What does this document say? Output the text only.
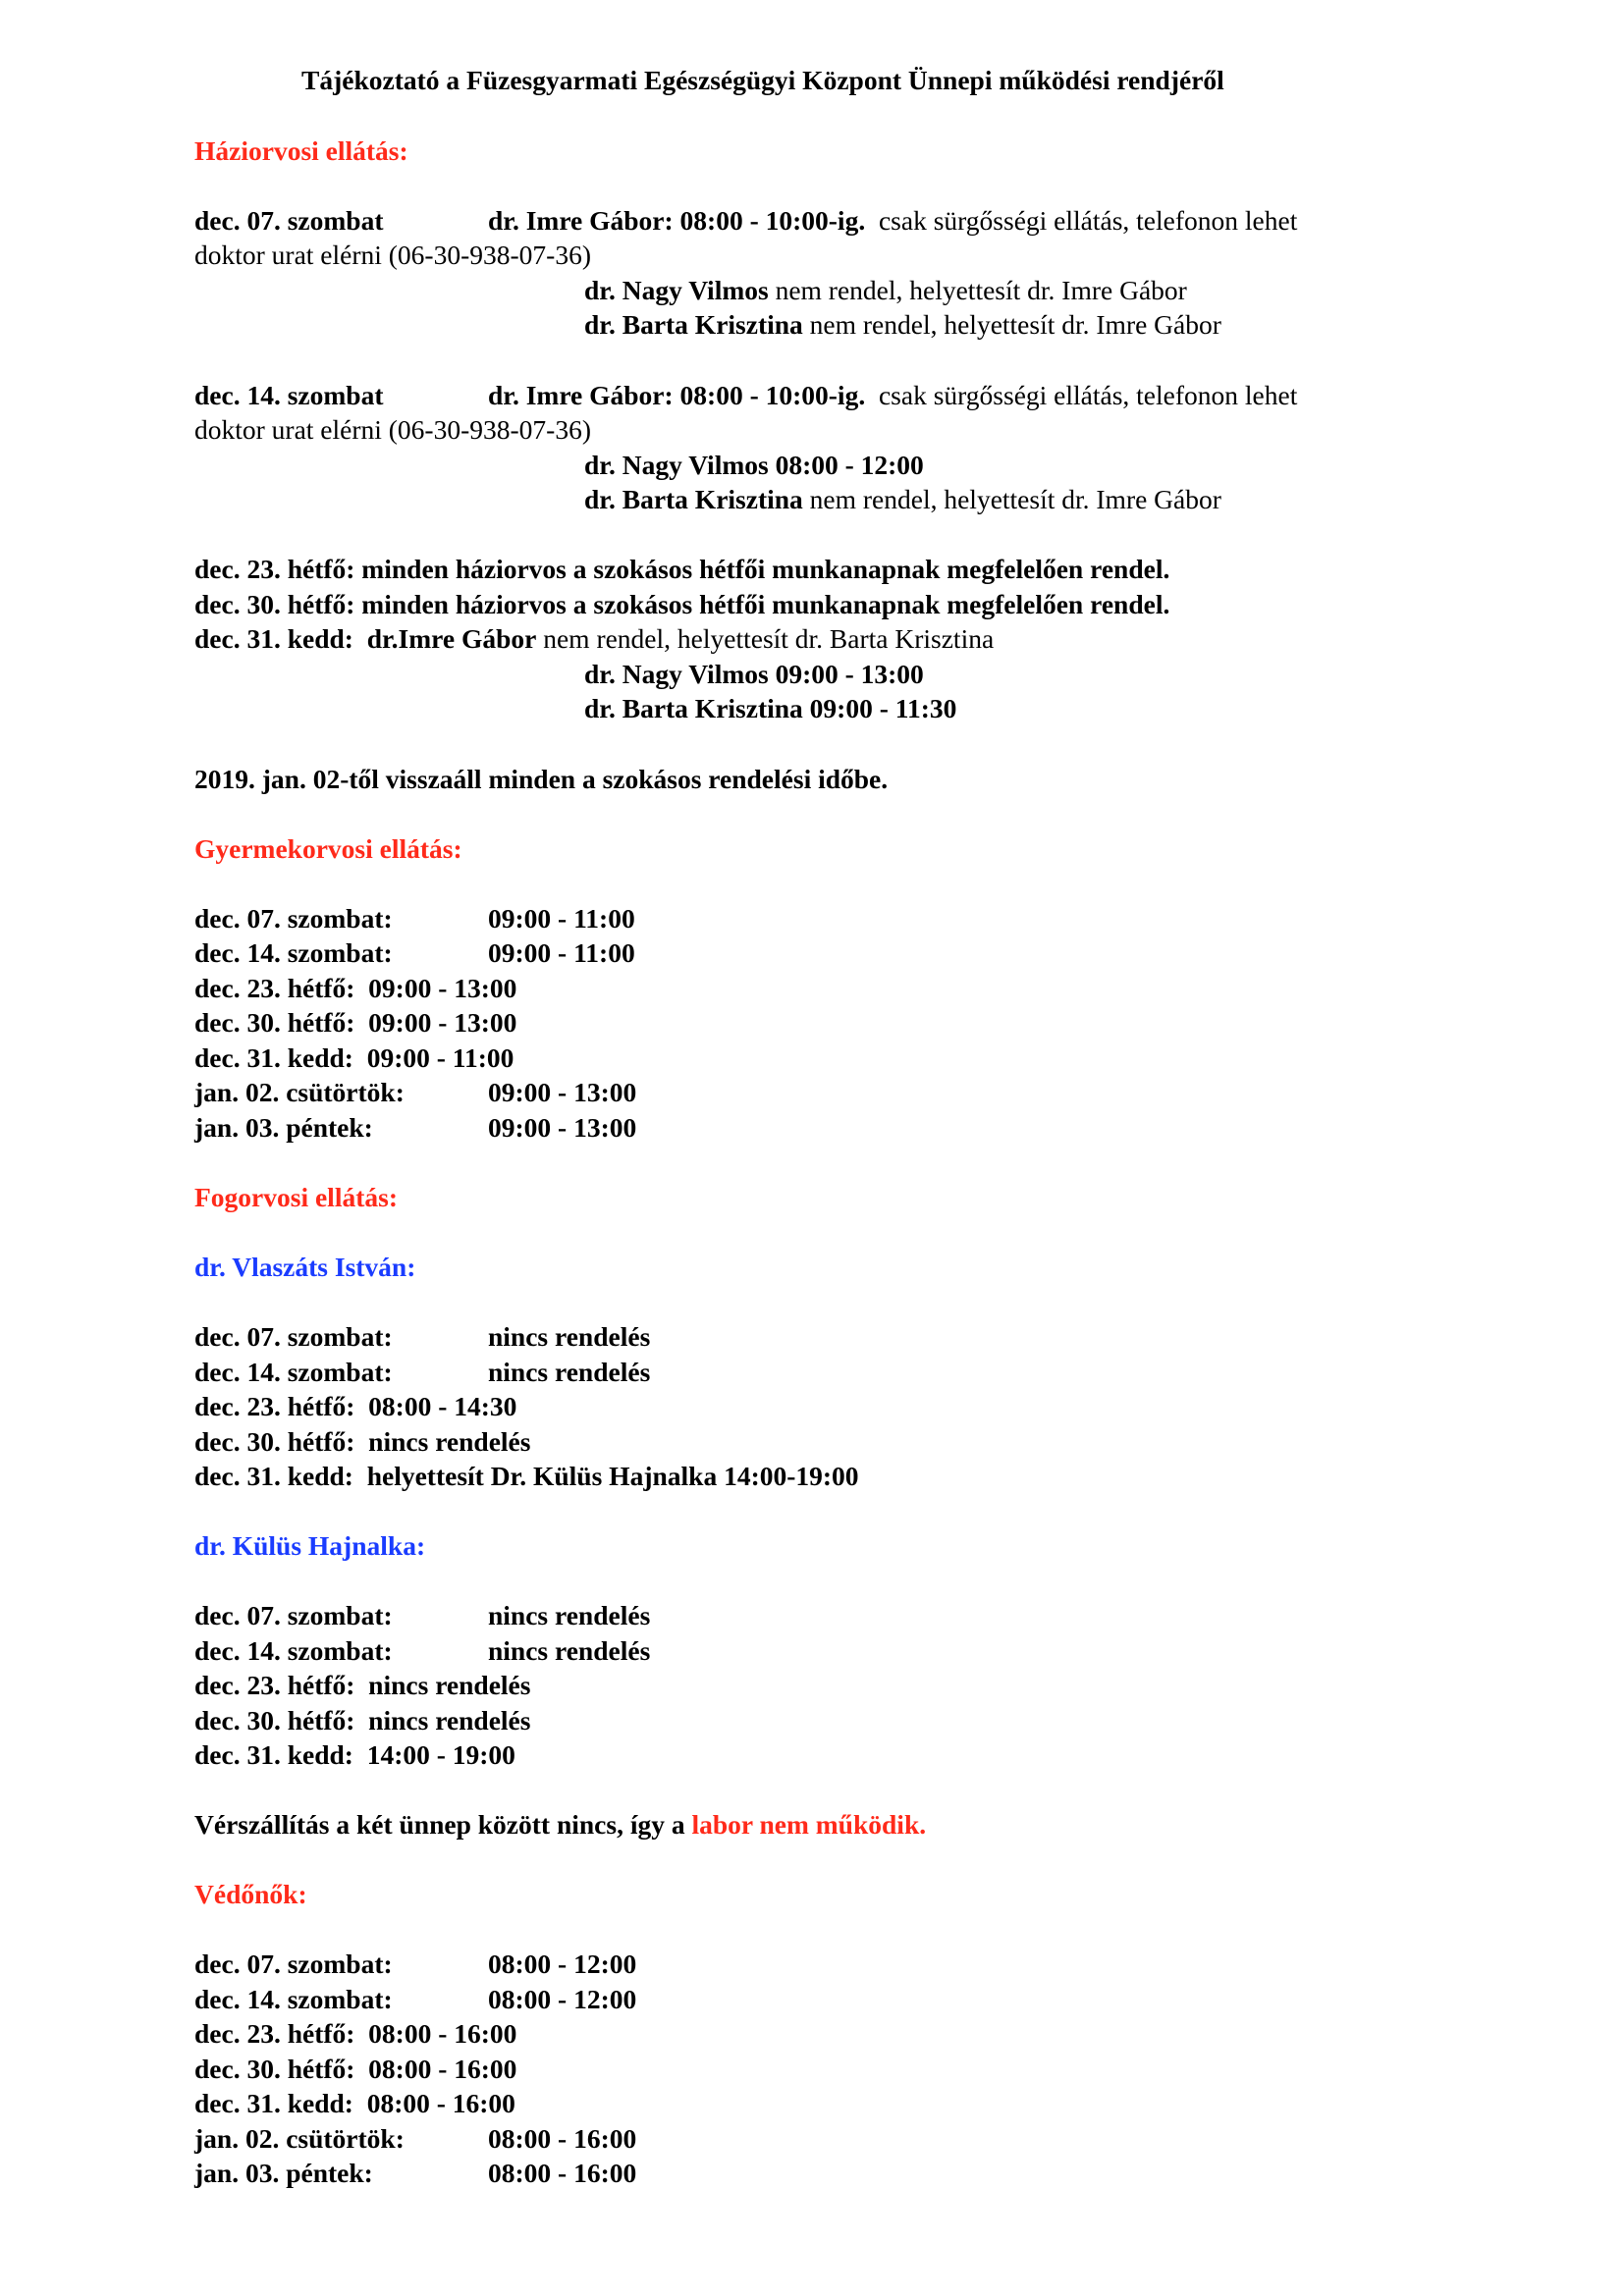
Tájékoztató a Füzesgyarmati Egészségügyi Központ Ünnepi működési rendjéről
Háziorvosi ellátás:
dec. 07. szombat	dr. Imre Gábor: 08:00 - 10:00-ig.  csak sürgősségi ellátás, telefonon lehet
doktor urat elérni (06-30-938-07-36)
dr. Nagy Vilmos nem rendel, helyettesít dr. Imre Gábor
dr. Barta Krisztina nem rendel, helyettesít dr. Imre Gábor
dec. 14. szombat	dr. Imre Gábor: 08:00 - 10:00-ig.  csak sürgősségi ellátás, telefonon lehet
doktor urat elérni (06-30-938-07-36)
dr. Nagy Vilmos 08:00 - 12:00
dr. Barta Krisztina nem rendel, helyettesít dr. Imre Gábor
dec. 23. hétfő: minden háziorvos a szokásos hétfői munkanapnak megfelelően rendel.
dec. 30. hétfő: minden háziorvos a szokásos hétfői munkanapnak megfelelően rendel.
dec. 31. kedd:  dr.Imre Gábor nem rendel, helyettesít dr. Barta Krisztina
dr. Nagy Vilmos 09:00 - 13:00
dr. Barta Krisztina 09:00 - 11:30
2019. jan. 02-től visszaáll minden a szokásos rendelési időbe.
Gyermekorvosi ellátás:
dec. 07. szombat:	09:00 - 11:00
dec. 14. szombat:	09:00 - 11:00
dec. 23. hétfő:  09:00 - 13:00
dec. 30. hétfő:  09:00 - 13:00
dec. 31. kedd:  09:00 - 11:00
jan. 02. csütörtök:	09:00 - 13:00
jan. 03. péntek:	09:00 - 13:00
Fogorvosi ellátás:
dr. Vlaszáts István:
dec. 07. szombat:	nincs rendelés
dec. 14. szombat:	nincs rendelés
dec. 23. hétfő:  08:00 - 14:30
dec. 30. hétfő:  nincs rendelés
dec. 31. kedd:  helyettesít Dr. Külüs Hajnalka 14:00-19:00
dr. Külüs Hajnalka:
dec. 07. szombat:	nincs rendelés
dec. 14. szombat:	nincs rendelés
dec. 23. hétfő:  nincs rendelés
dec. 30. hétfő:  nincs rendelés
dec. 31. kedd:  14:00 - 19:00
Vérszállítás a két ünnep között nincs, így a labor nem működik.
Védőnők:
dec. 07. szombat:	08:00 - 12:00
dec. 14. szombat:	08:00 - 12:00
dec. 23. hétfő:  08:00 - 16:00
dec. 30. hétfő:  08:00 - 16:00
dec. 31. kedd:  08:00 - 16:00
jan. 02. csütörtök:	08:00 - 16:00
jan. 03. péntek:	08:00 - 16:00
